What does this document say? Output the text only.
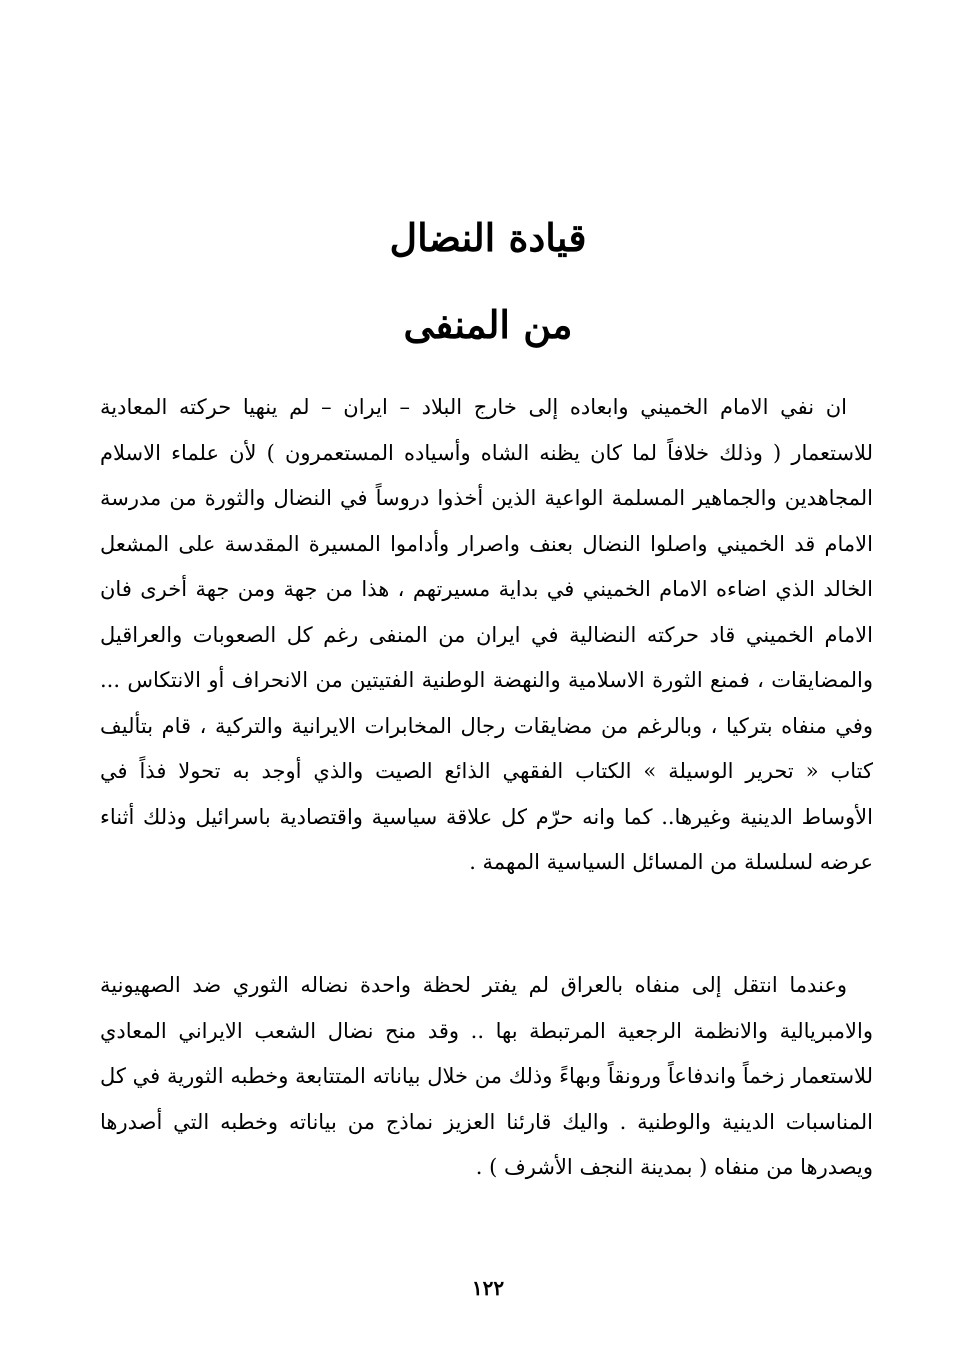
قيادة النضال
من المنفى

ان نفي الامام الخميني وابعاده إلى خارج البلاد – ايران – لم ينهيا حركته المعادية للاستعمار ( وذلك خلافاً لما كان يظنه الشاه وأسياده المستعمرون ) لأن علماء الاسلام المجاهدين والجماهير المسلمة الواعية الذين أخذوا دروساً في النضال والثورة من مدرسة الامام قد الخميني واصلوا النضال بعنف واصرار وأداموا المسيرة المقدسة على المشعل الخالد الذي اضاءه الامام الخميني في بداية مسيرتهم ، هذا من جهة ومن جهة أخرى فان الامام الخميني قاد حركته النضالية في ايران من المنفى رغم كل الصعوبات والعراقيل والمضايقات ، فمنع الثورة الاسلامية والنهضة الوطنية الفتيتين من الانحراف أو الانتكاس ... وفي منفاه بتركيا ، وبالرغم من مضايقات رجال المخابرات الايرانية والتركية ، قام بتأليف كتاب « تحرير الوسيلة » الكتاب الفقهي الذائع الصيت والذي أوجد به تحولا فذاً في الأوساط الدينية وغيرها.. كما وانه حرّم كل علاقة سياسية واقتصادية باسرائيل وذلك أثناء عرضه لسلسلة من المسائل السياسية المهمة .

وعندما انتقل إلى منفاه بالعراق لم يفتر لحظة واحدة نضاله الثوري ضد الصهيونية والامبريالية والانظمة الرجعية المرتبطة بها .. وقد منح نضال الشعب الايراني المعادي للاستعمار زخماً واندفاعاً ورونقاً وبهاءً وذلك من خلال بياناته المتتابعة وخطبه الثورية في كل المناسبات الدينية والوطنية . واليك قارئنا العزيز نماذج من بياناته وخطبه التي أصدرها ويصدرها من منفاه ( بمدينة النجف الأشرف ) .

١٢٢
